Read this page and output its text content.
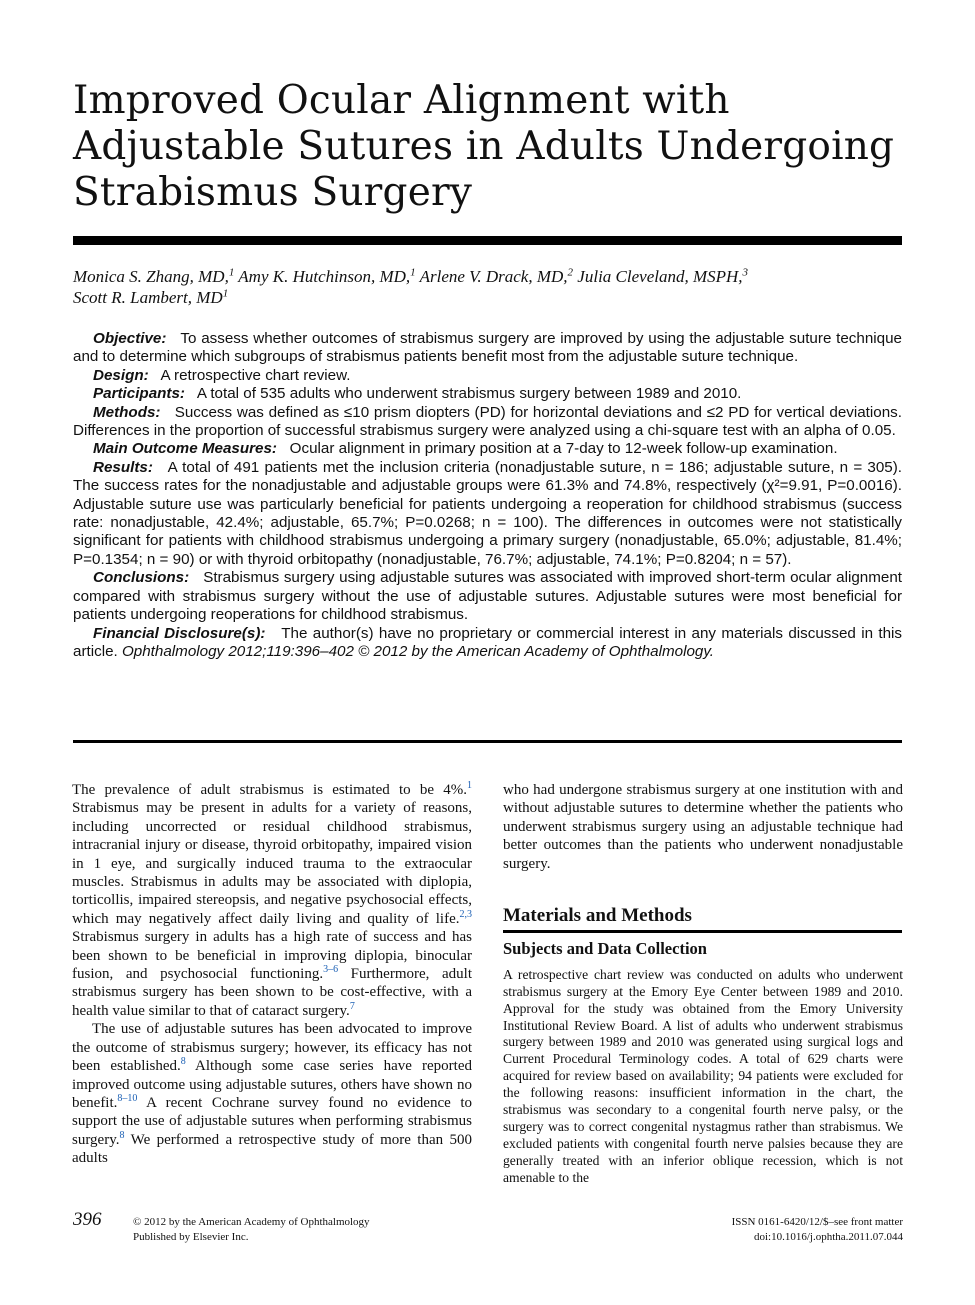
Improved Ocular Alignment with Adjustable Sutures in Adults Undergoing Strabismus Surgery

Monica S. Zhang, MD,$^1$ Amy K. Hutchinson, MD,$^1$ Arlene V. Drack, MD,$^2$ Julia Cleveland, MSPH,$^3$
Scott R. Lambert, $MD^1$

Objective: To assess whether outcomes of strabismus surgery are improved by using the adjustable suture technique and to determine which subgroups of strabismus patients benefit most from the adjustable suture technique.

Design: A retrospective chart review.

Participants: A total of 535 adults who underwent strabismus surgery between 1989 and 2010.

Methods: Success was defined as ≤10 prism diopters (PD) for horizontal deviations and ≤2 PD for vertical deviations. Differences in the proportion of successful strabismus surgery were analyzed using a chi-square test with an alpha of 0.05.

Main Outcome Measures: Ocular alignment in primary position at a 7-day to 12-week follow-up examination.

Results: A total of 491 patients met the inclusion criteria (nonadjustable suture, n = 186; adjustable suture, n = 305). The success rates for the nonadjustable and adjustable groups were 61.3% and 74.8%, respectively (χ²=9.91, P=0.0016). Adjustable suture use was particularly beneficial for patients undergoing a reoperation for childhood strabismus (success rate: nonadjustable, 42.4%; adjustable, 65.7%; P=0.0268; n = 100). The differences in outcomes were not statistically significant for patients with childhood strabismus undergoing a primary surgery (nonadjustable, 65.0%; adjustable, 81.4%; P=0.1354; n = 90) or with thyroid orbitopathy (nonadjustable, 76.7%; adjustable, 74.1%; P=0.8204; n = 57).

Conclusions: Strabismus surgery using adjustable sutures was associated with improved short-term ocular alignment compared with strabismus surgery without the use of adjustable sutures. Adjustable sutures were most beneficial for patients undergoing reoperations for childhood strabismus.

Financial Disclosure(s): The author(s) have no proprietary or commercial interest in any materials discussed in this article. Ophthalmology 2012;119:396–402 © 2012 by the American Academy of Ophthalmology.

The prevalence of adult strabismus is estimated to be 4%.$^1$ Strabismus may be present in adults for a variety of reasons, including uncorrected or residual childhood strabismus, intracranial injury or disease, thyroid orbitopathy, impaired vision in 1 eye, and surgically induced trauma to the extraocular muscles. Strabismus in adults may be associated with diplopia, torticollis, impaired stereopsis, and negative psychosocial effects, which may negatively affect daily living and quality of life.$^{2,3}$ Strabismus surgery in adults has a high rate of success and has been shown to be beneficial in improving diplopia, binocular fusion, and psychosocial functioning.$^{3-6}$ Furthermore, adult strabismus surgery has been shown to be cost-effective, with a health value similar to that of cataract surgery.$^7$

The use of adjustable sutures has been advocated to improve the outcome of strabismus surgery; however, its efficacy has not been established.$^8$ Although some case series have reported improved outcome using adjustable sutures, others have shown no benefit.$^{8-10}$ A recent Cochrane survey found no evidence to support the use of adjustable sutures when performing strabismus surgery.$^8$ We performed a retrospective study of more than 500 adults

who had undergone strabismus surgery at one institution with and without adjustable sutures to determine whether the patients who underwent strabismus surgery using an adjustable technique had better outcomes than the patients who underwent nonadjustable surgery.

Materials and Methods
Subjects and Data Collection

A retrospective chart review was conducted on adults who underwent strabismus surgery at the Emory Eye Center between 1989 and 2010. Approval for the study was obtained from the Emory University Institutional Review Board. A list of adults who underwent strabismus surgery between 1989 and 2010 was generated using surgical logs and Current Procedural Terminology codes. A total of 629 charts were acquired for review based on availability; 94 patients were excluded for the following reasons: insufficient information in the chart, the strabismus was secondary to a congenital fourth nerve palsy, or the surgery was to correct congenital nystagmus rather than strabismus. We excluded patients with congenital fourth nerve palsies because they are generally treated with an inferior oblique recession, which is not amenable to the

396	© 2012 by the American Academy of Ophthalmology
Published by Elsevier Inc.
ISSN 0161-6420/12/$–see front matter
doi:10.1016/j.ophtha.2011.07.044
